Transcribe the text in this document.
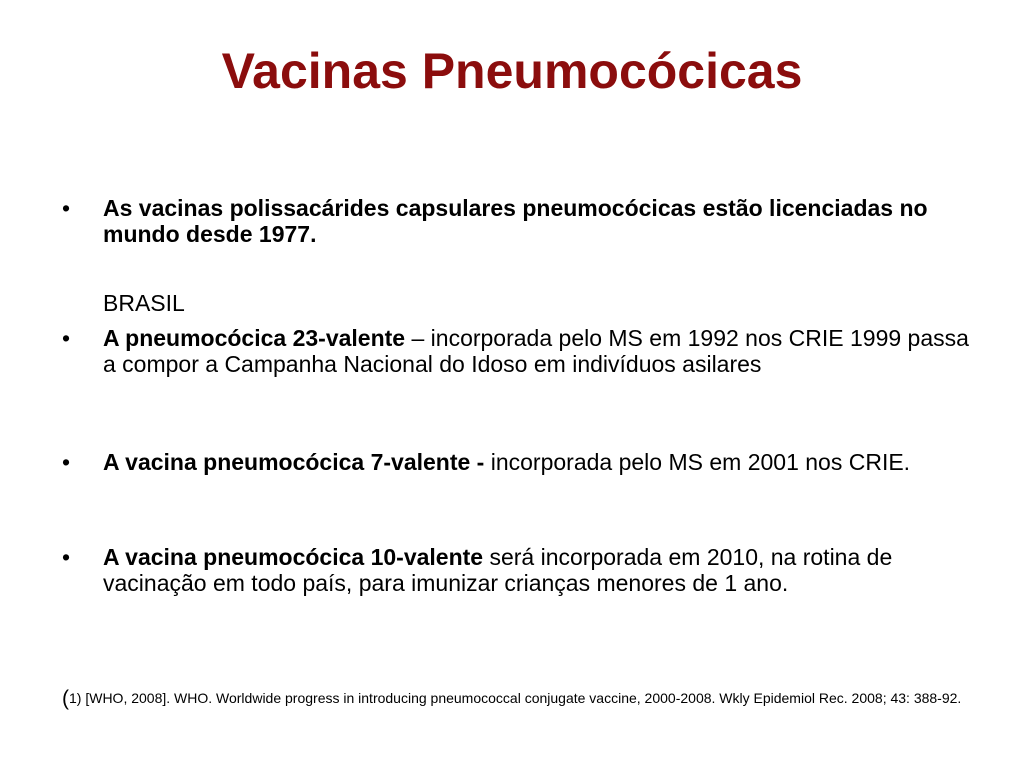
Vacinas Pneumocócicas
•	As vacinas polissacárides capsulares pneumocócicas estão licenciadas no mundo desde 1977.
BRASIL
•	A pneumocócica 23-valente – incorporada pelo MS em 1992 nos CRIE 1999 passa a compor a Campanha Nacional do Idoso em indivíduos asilares
•	A vacina pneumocócica 7-valente - incorporada pelo MS em 2001 nos CRIE.
•	A vacina pneumocócica 10-valente será incorporada em 2010, na rotina de vacinação em todo país, para imunizar crianças menores de 1 ano.
(1) [WHO, 2008]. WHO. Worldwide progress in introducing pneumococcal conjugate vaccine, 2000-2008. Wkly Epidemiol Rec. 2008; 43: 388-92.
